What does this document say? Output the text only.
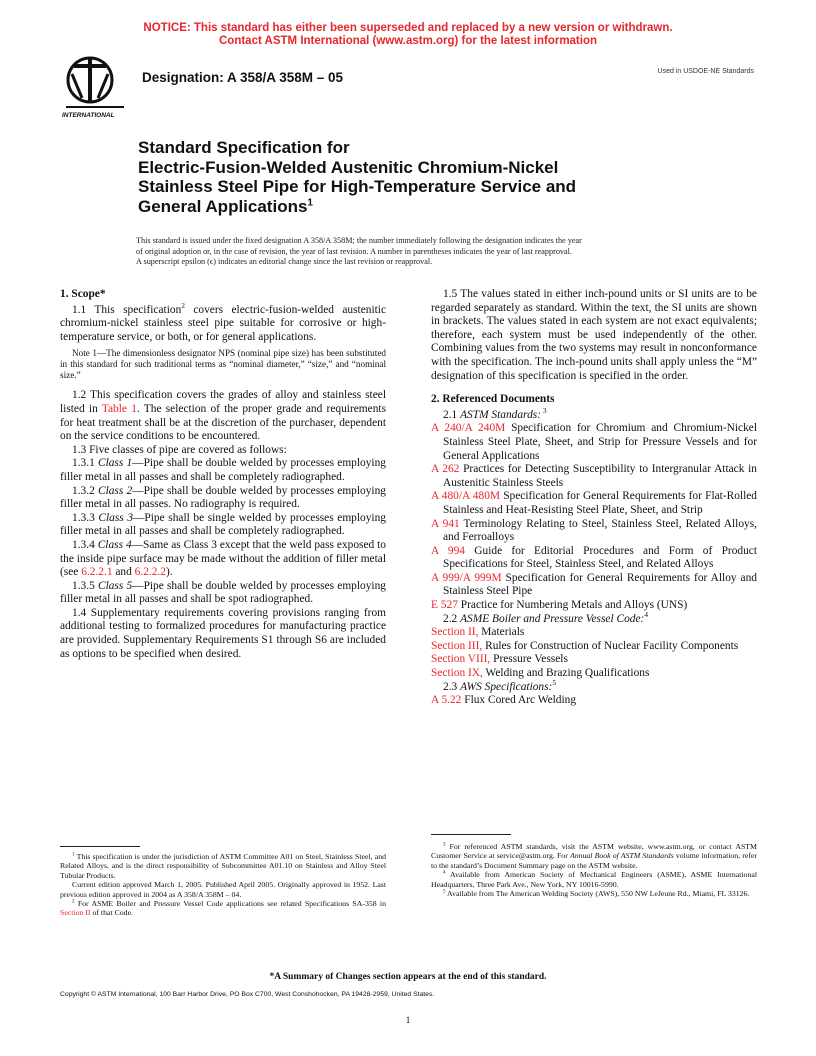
NOTICE: This standard has either been superseded and replaced by a new version or withdrawn.
Contact ASTM International (www.astm.org) for the latest information
INTERNATIONAL
Designation: A 358/A 358M – 05	Used in USDOE-NE Standards
Standard Specification for
Electric-Fusion-Welded Austenitic Chromium-Nickel
Stainless Steel Pipe for High-Temperature Service and
General Applications$^1$
This standard is issued under the fixed designation A 358/A 358M; the number immediately following the designation indicates the year
of original adoption or, in the case of revision, the year of last revision. A number in parentheses indicates the year of last reapproval.
A superscript epsilon (ϵ) indicates an editorial change since the last revision or reapproval.
1. Scope*

1.1 This specification$^2$ covers electric-fusion-welded austenitic chromium-nickel stainless steel pipe suitable for corrosive or high-temperature service, or both, or for general applications.

Note 1—The dimensionless designator NPS (nominal pipe size) has been substituted in this standard for such traditional terms as “nominal diameter,” “size,” and “nominal size.”

1.2 This specification covers the grades of alloy and stainless steel listed in Table 1. The selection of the proper grade and requirements for heat treatment shall be at the discretion of the purchaser, dependent on the service conditions to be encountered.

1.3 Five classes of pipe are covered as follows:

1.3.1 Class 1—Pipe shall be double welded by processes employing filler metal in all passes and shall be completely radiographed.

1.3.2 Class 2—Pipe shall be double welded by processes employing filler metal in all passes. No radiography is required.

1.3.3 Class 3—Pipe shall be single welded by processes employing filler metal in all passes and shall be completely radiographed.

1.3.4 Class 4—Same as Class 3 except that the weld pass exposed to the inside pipe surface may be made without the addition of filler metal (see 6.2.2.1 and 6.2.2.2).

1.3.5 Class 5—Pipe shall be double welded by processes employing filler metal in all passes and shall be spot radiographed.

1.4 Supplementary requirements covering provisions ranging from additional testing to formalized procedures for manufacturing practice are provided. Supplementary Requirements S1 through S6 are included as options to be specified when desired.

1.5 The values stated in either inch-pound units or SI units are to be regarded separately as standard. Within the text, the SI units are shown in brackets. The values stated in each system are not exact equivalents; therefore, each system must be used independently of the other. Combining values from the two systems may result in nonconformance with the specification. The inch-pound units shall apply unless the “M” designation of this specification is specified in the order.

2. Referenced Documents

2.1 ASTM Standards: $^3$

A 240/A 240M Specification for Chromium and Chromium-Nickel Stainless Steel Plate, Sheet, and Strip for Pressure Vessels and for General Applications

A 262 Practices for Detecting Susceptibility to Intergranular Attack in Austenitic Stainless Steels

A 480/A 480M Specification for General Requirements for Flat-Rolled Stainless and Heat-Resisting Steel Plate, Sheet, and Strip

A 941 Terminology Relating to Steel, Stainless Steel, Related Alloys, and Ferroalloys

A 994 Guide for Editorial Procedures and Form of Product Specifications for Steel, Stainless Steel, and Related Alloys

A 999/A 999M Specification for General Requirements for Alloy and Stainless Steel Pipe

E 527 Practice for Numbering Metals and Alloys (UNS)

2.2 ASME Boiler and Pressure Vessel Code:$^4$

Section II, Materials

Section III, Rules for Construction of Nuclear Facility Components

Section VIII, Pressure Vessels

Section IX, Welding and Brazing Qualifications

2.3 AWS Specifications:$^5$

A 5.22 Flux Cored Arc Welding

$^1$ This specification is under the jurisdiction of ASTM Committee A01 on Steel, Stainless Steel, and Related Alloys, and is the direct responsibility of Subcommittee A01.10 on Stainless and Alloy Steel Tubular Products.

Current edition approved March 1, 2005. Published April 2005. Originally approved in 1952. Last previous edition approved in 2004 as A 358/A 358M – 04.

$^2$ For ASME Boiler and Pressure Vessel Code applications see related Specifications SA-358 in Section II of that Code.

$^3$ For referenced ASTM standards, visit the ASTM website, www.astm.org, or contact ASTM Customer Service at service@astm.org. For Annual Book of ASTM Standards volume information, refer to the standard’s Document Summary page on the ASTM website.

$^4$ Available from American Society of Mechanical Engineers (ASME), ASME International Headquarters, Three Park Ave., New York, NY 10016-5990.

$^5$ Available from The American Welding Society (AWS), 550 NW LeJeune Rd., Miami, FL 33126.

*A Summary of Changes section appears at the end of this standard.
Copyright © ASTM International, 100 Barr Harbor Drive, PO Box C700, West Conshohocken, PA 19428-2959, United States.
1
